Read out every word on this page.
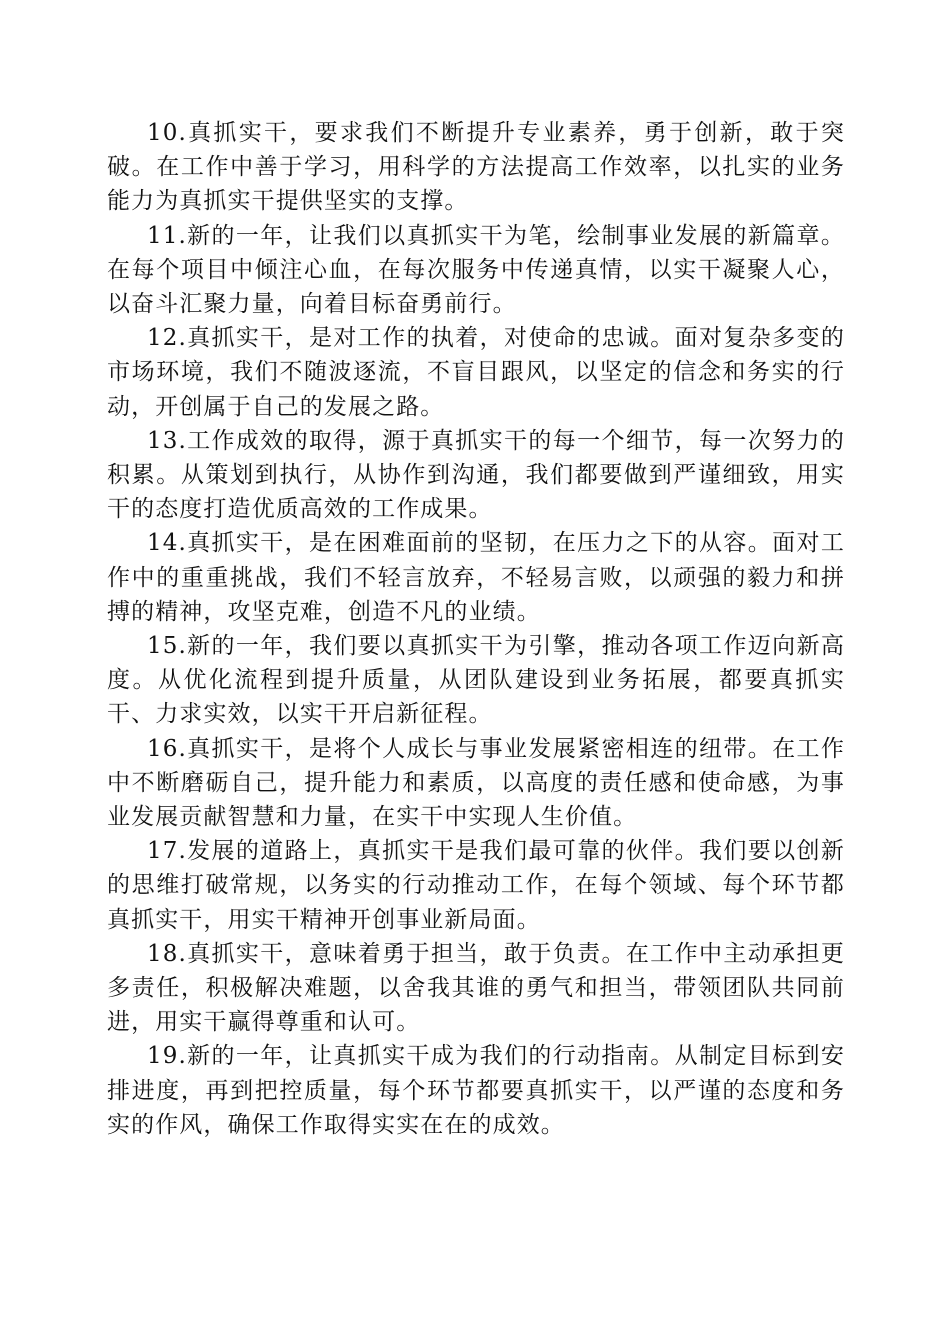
10.真抓实干，要求我们不断提升专业素养，勇于创新，敢于突破。在工作中善于学习，用科学的方法提高工作效率，以扎实的业务能力为真抓实干提供坚实的支撑。

11.新的一年，让我们以真抓实干为笔，绘制事业发展的新篇章。在每个项目中倾注心血，在每次服务中传递真情，以实干凝聚人心，以奋斗汇聚力量，向着目标奋勇前行。

12.真抓实干，是对工作的执着，对使命的忠诚。面对复杂多变的市场环境，我们不随波逐流，不盲目跟风，以坚定的信念和务实的行动，开创属于自己的发展之路。

13.工作成效的取得，源于真抓实干的每一个细节，每一次努力的积累。从策划到执行，从协作到沟通，我们都要做到严谨细致，用实干的态度打造优质高效的工作成果。

14.真抓实干，是在困难面前的坚韧，在压力之下的从容。面对工作中的重重挑战，我们不轻言放弃，不轻易言败，以顽强的毅力和拼搏的精神，攻坚克难，创造不凡的业绩。

15.新的一年，我们要以真抓实干为引擎，推动各项工作迈向新高度。从优化流程到提升质量，从团队建设到业务拓展，都要真抓实干、力求实效，以实干开启新征程。

16.真抓实干，是将个人成长与事业发展紧密相连的纽带。在工作中不断磨砺自己，提升能力和素质，以高度的责任感和使命感，为事业发展贡献智慧和力量，在实干中实现人生价值。

17.发展的道路上，真抓实干是我们最可靠的伙伴。我们要以创新的思维打破常规，以务实的行动推动工作，在每个领域、每个环节都真抓实干，用实干精神开创事业新局面。

18.真抓实干，意味着勇于担当，敢于负责。在工作中主动承担更多责任，积极解决难题，以舍我其谁的勇气和担当，带领团队共同前进，用实干赢得尊重和认可。

19.新的一年，让真抓实干成为我们的行动指南。从制定目标到安排进度，再到把控质量，每个环节都要真抓实干，以严谨的态度和务实的作风，确保工作取得实实在在的成效。
